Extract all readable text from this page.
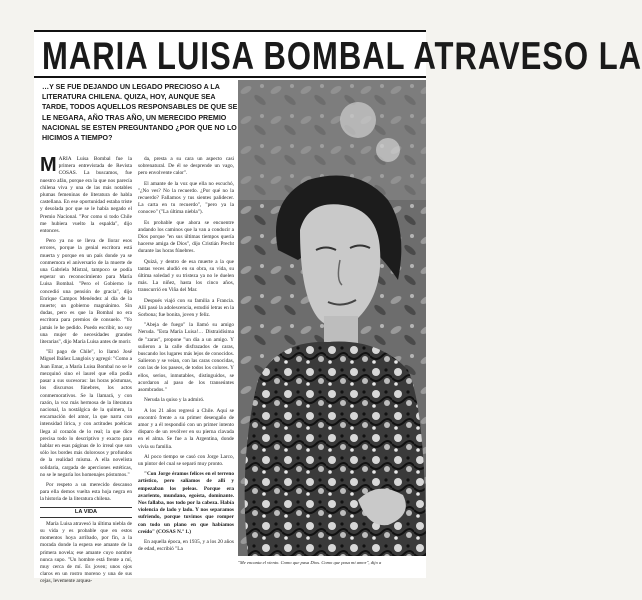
MARIA LUISA BOMBAL ATRAVESO LA
…Y SE FUE DEJANDO UN LEGADO PRECIOSO A LA LITERATURA CHILENA. QUIZA, HOY, AUNQUE SEA TARDE, TODOS AQUELLOS RESPONSABLES DE QUE SE LE NEGARA, AÑO TRAS AÑO, UN MERECIDO PREMIO NACIONAL SE ESTEN PREGUNTANDO ¿POR QUE NO LO HICIMOS A TIEMPO?

MARIA Luisa Bombal fue la primera entrevistada de Revista COSAS. La buscamos, fue nuestro afán, porque era la que nos parecía chilena viva y una de las más notables plumas femeninas de literatura de habla castellana. En ese oportunidad estaba triste y desolada por que se le había negado el Premio Nacional. "Por como si todo Chile me hubiera vuelto la espalda", dijo entonces.

Pero ya no se lleva de llorar esos errores, porque la genial escritora está muerta y porque en un país donde ya se conmemora el aniversario de la muerte de una Gabriela Mistral, tampoco se podía esperar un reconocimiento para María Luisa Bombal. "Pero el Gobierno le concedió una pensión de gracia", dijo Enrique Campos Menéndez al día de la muerte; un gobierno magnánimo. Sin dudas, pero es que la Bombal no era escritora para premios de consuelo. "Yo jamás le he pedido. Puedo escribir, no soy una mujer de necesidades grandes literarias", dijo María Luisa antes de morir.

"El pago de Chile", lo llamó José Miguel Ibáñez Langlois y agregó: "Como a Juan Emar, a María Luisa Bombal no se le mezquinó sino el laurel que ella podía pasar a sus sucesoras: las horas póstumas, los discursos fúnebres, los actos conmemorativos. Se la llamará, y con razón, la voz más hermosa de la literatura nacional, la nostálgica de la quimera, la encarnación del amor, la que narra con intensidad lírica, y con actitudes poéticas llega al corazón de lo real; la que dice precisa todo lo descriptivo y exacto para hablar en esas páginas de lo irreal que son sólo los bordes más dolorosos y profundos de la realidad misma. A ella novelista solidaria, cargada de aperciones estéticas, no se le negaría los homenajes póstumos."

Por respeto a un merecido descanso para ella demos vuelta esta hoja negra en la historia de la literatura chilena.

LA VIDA

María Luisa atravesó la última niebla de su vida y es probable que en estos momentos hoya arribado, por fin, a la morada donde la espera ese amante de la primera novela; ese amante cuyo nombre nunca supo. "Un hombre está frente a mí, muy cerca de mí. Es joven; unos ojos claros en un rostro moreno y una de sus cejas, levemente arquea-

da, presta a su cara un aspecto casi sobrenatural. De él se desprende un vago, pero envolvente calor".

El amante de la voz que ella no escuchó, "¿No ves? No la recuerdo. ¿Por qué no la recuerdo? Fallamos y tus sientes palidecer. La carta en tu recuerdo", "pero ya la conoceo" ("La última niebla").

Es probable que ahora se encuentre andando los caminos que la van a conducir a Dios porque "en sus últimas tiempos quería hacerse amiga de Dios", dijo Cristián Precht durante las horas fúnebres.

Quizá, y dentro de esa muerte a la que tantas veces aludió en su obra, su vida, su última soledad y su tristeza ya no le duelen más. La niñez, hasta los cinco años, transcurrió en Viña del Mar.

Después viajó con su familia a Francia. Allí pasó la adolescencia, estudió letras en la Sorbona; fue bonita, joven y feliz.

"Abeja de fuego" la llamó su amigo Neruda. "Esta María Luisa!… Distraidísima de "zaras", propone "un día a un amigo. Y sulieron a la calle disfrazados de caras, buscando los lugares más lejos de conocidos. Salieron y se veían, con las caras conocidas, con las de los paseos, de todos los colores. Y ellos, serios, inmutables, distinguidos, se acordaron al paso de los transeúntes asombrados."

Neruda la quiso y la admiró.

A los 21 años regresó a Chile. Aquí se encontró frente a su primer desengaño de amor y a él respondió con un primer intento disparo de un revólver en su pierna clavada en el alma. Se fue a la Argentina, donde vivía su familia.

Al poco tiempo se casó con Jorge Larco, un pintor del cual se separó muy pronto.

"Con Jorge éramos felices en el terreno artístico, pero salíamos de allí y empezaban los peleas. Porque era avariento, mundano, egoísta, dominante. Nos fallaba, nos todo por la cabeza. Había violencia de lado y lado. Y nos separamos sufriendo, porque tuvimos que romper con todo un plano en que habíamos creído" (COSAS N.º 1.)

En aquella época, en 1935, y a los 20 años de edad, escribió "La

"Me encanta el viento. Como que pasa Dios. Como que pasa mi amor", dijo a
